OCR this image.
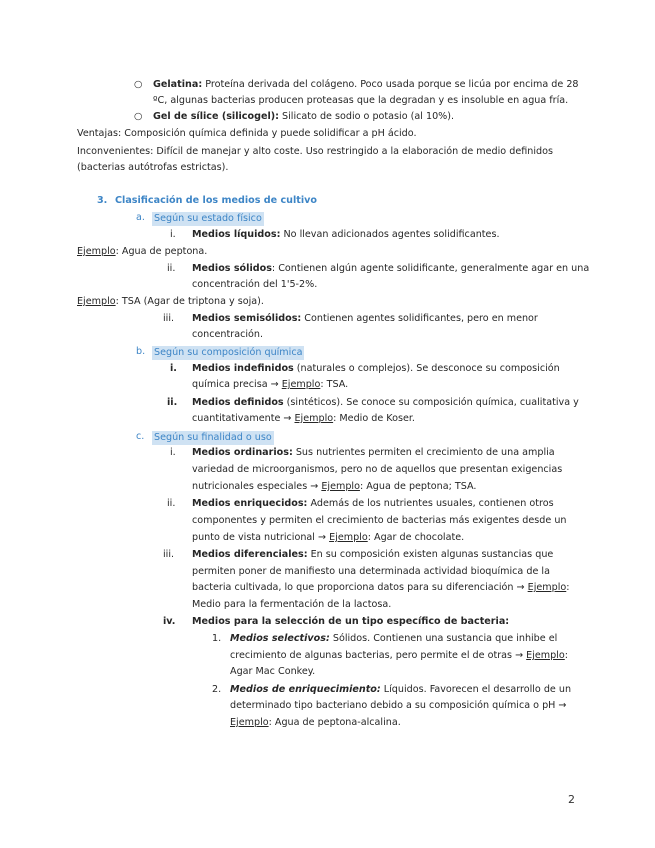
○ Gelatina: Proteína derivada del colágeno. Poco usada porque se licúa por encima de 28
ºC, algunas bacterias producen proteasas que la degradan y es insoluble en agua fría.
○ Gel de sílice (silicogel): Silicato de sodio o potasio (al 10%).
Ventajas: Composición química definida y puede solidificar a pH ácido.
Inconvenientes: Difícil de manejar y alto coste. Uso restringido a la elaboración de medio definidos
(bacterias autótrofas estrictas).
3. Clasificación de los medios de cultivo
a. Según su estado físico
i. Medios líquidos: No llevan adicionados agentes solidificantes.
Ejemplo: Agua de peptona.
ii. Medios sólidos: Contienen algún agente solidificante, generalmente agar en una
concentración del 1'5-2%.
Ejemplo: TSA (Agar de triptona y soja).
iii. Medios semisólidos: Contienen agentes solidificantes, pero en menor
concentración.
b. Según su composición química
i. Medios indefinidos (naturales o complejos). Se desconoce su composición
química precisa → Ejemplo: TSA.
ii. Medios definidos (sintéticos). Se conoce su composición química, cualitativa y
cuantitativamente → Ejemplo: Medio de Koser.
c. Según su finalidad o uso
i. Medios ordinarios: Sus nutrientes permiten el crecimiento de una amplia
variedad de microorganismos, pero no de aquellos que presentan exigencias
nutricionales especiales → Ejemplo: Agua de peptona; TSA.
ii. Medios enriquecidos: Además de los nutrientes usuales, contienen otros
componentes y permiten el crecimiento de bacterias más exigentes desde un
punto de vista nutricional → Ejemplo: Agar de chocolate.
iii. Medios diferenciales: En su composición existen algunas sustancias que
permiten poner de manifiesto una determinada actividad bioquímica de la
bacteria cultivada, lo que proporciona datos para su diferenciación → Ejemplo:
Medio para la fermentación de la lactosa.
iv. Medios para la selección de un tipo específico de bacteria:
1. Medios selectivos: Sólidos. Contienen una sustancia que inhibe el
crecimiento de algunas bacterias, pero permite el de otras → Ejemplo:
Agar Mac Conkey.
2. Medios de enriquecimiento: Líquidos. Favorecen el desarrollo de un
determinado tipo bacteriano debido a su composición química o pH →
Ejemplo: Agua de peptona-alcalina.
2
